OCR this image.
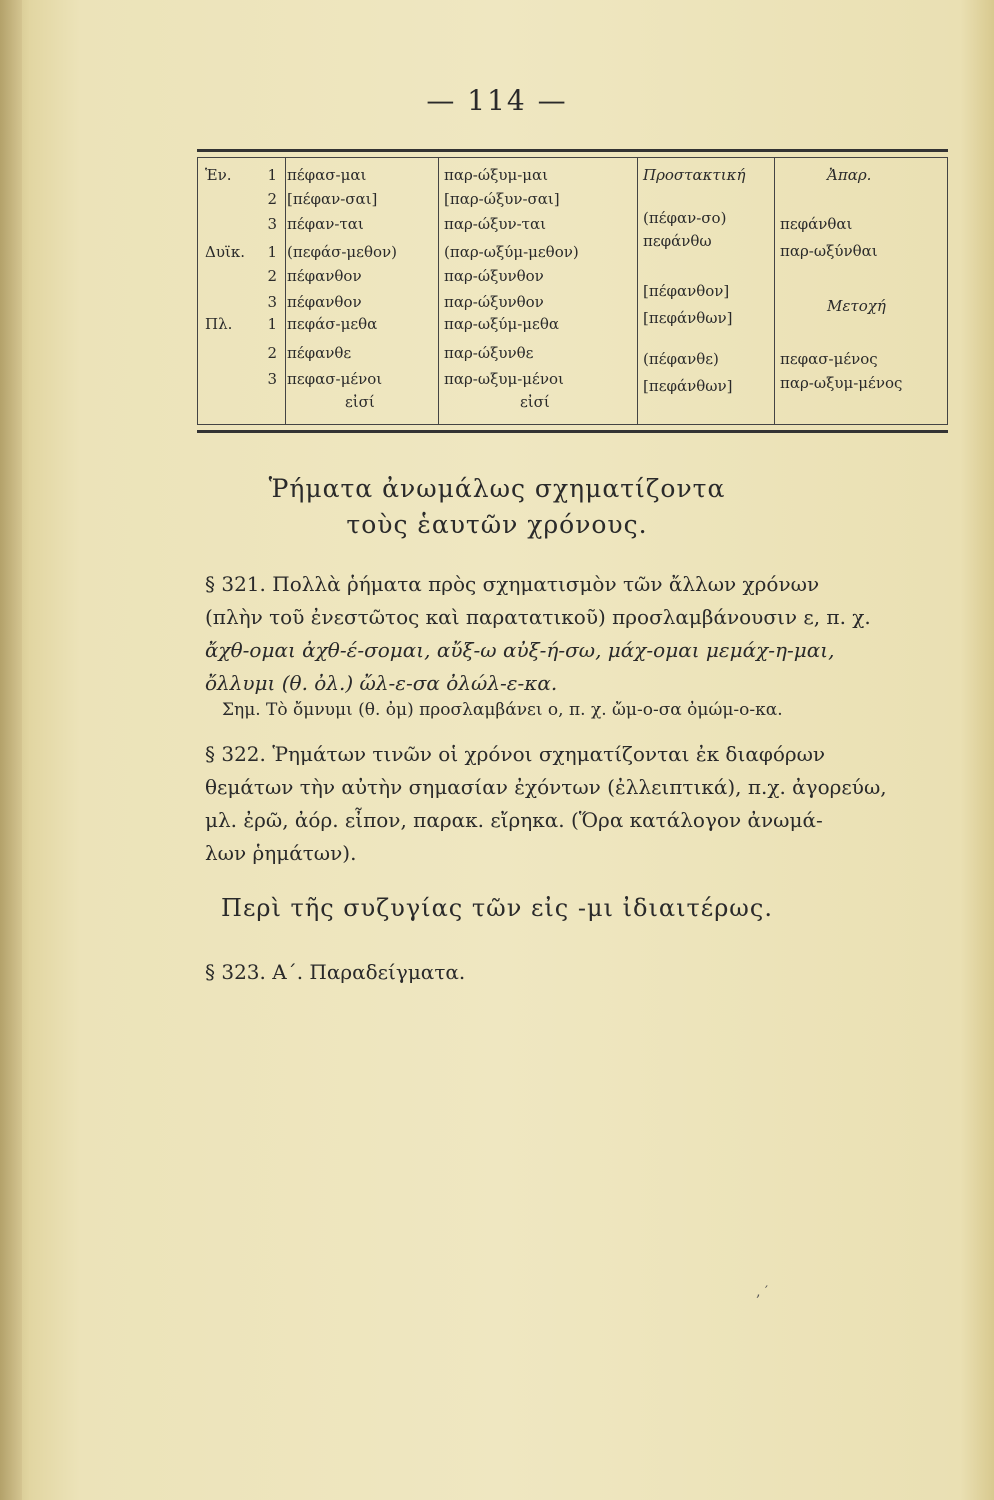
— 114 —
Ἑν.
Δυϊκ.
Πλ.
1
2
3
1
2
3
1
2
3
πέφασ-μαι
[πέφαν-σαι]
πέφαν-ται
(πεφάσ-μεθον)
πέφανθον
πέφανθον
πεφάσ-μεθα
πέφανθε
πεφασ-μένοι
εἰσί
παρ-ώξυμ-μαι
[παρ-ώξυν-σαι]
παρ-ώξυν-ται
(παρ-ωξύμ-μεθον)
παρ-ώξυνθον
παρ-ώξυνθον
παρ-ωξύμ-μεθα
παρ-ώξυνθε
παρ-ωξυμ-μένοι
εἰσί
Προστακτική
(πέφαν-σο)
πεφάνθω
[πέφανθον]
[πεφάνθων]
(πέφανθε)
[πεφάνθων]
Ἀπαρ.
πεφάνθαι
παρ-ωξύνθαι
Μετοχή
πεφασ-μένος
παρ-ωξυμ-μένος
Ῥήματα ἀνωμάλως σχηματίζοντα
τοὺς ἑαυτῶν χρόνους.
§ 321. Πολλὰ ῥήματα πρὸς σχηματισμὸν τῶν ἄλλων χρόνων
(πλὴν τοῦ ἐνεστῶτος καὶ παρατατικοῦ) προσλαμβάνουσιν ε, π. χ.
ἄχθ-ομαι ἀχθ-έ-σομαι, αὔξ-ω αὐξ-ή-σω, μάχ-ομαι μεμάχ-η-μαι,
ὄλλυμι (θ. ὀλ.) ὤλ-ε-σα ὀλώλ-ε-κα.
Σημ. Τὸ ὄμνυμι (θ. ὀμ) προσλαμβάνει ο, π. χ. ὤμ-ο-σα ὀμώμ-ο-κα.
§ 322. Ῥημάτων τινῶν οἱ χρόνοι σχηματίζονται ἐκ διαφόρων
θεμάτων τὴν αὐτὴν σημασίαν ἐχόντων (ἐλλειπτικά), π.χ. ἀγορεύω,
μλ. ἐρῶ, ἀόρ. εἶπον, παρακ. εἴρηκα. (Ὅρα κατάλογον ἀνωμά-
λων ῥημάτων).
Περὶ τῆς συζυγίας τῶν εἰς -μι ἰδιαιτέρως.
§ 323. Α΄. Παραδείγματα.
‚ ′
